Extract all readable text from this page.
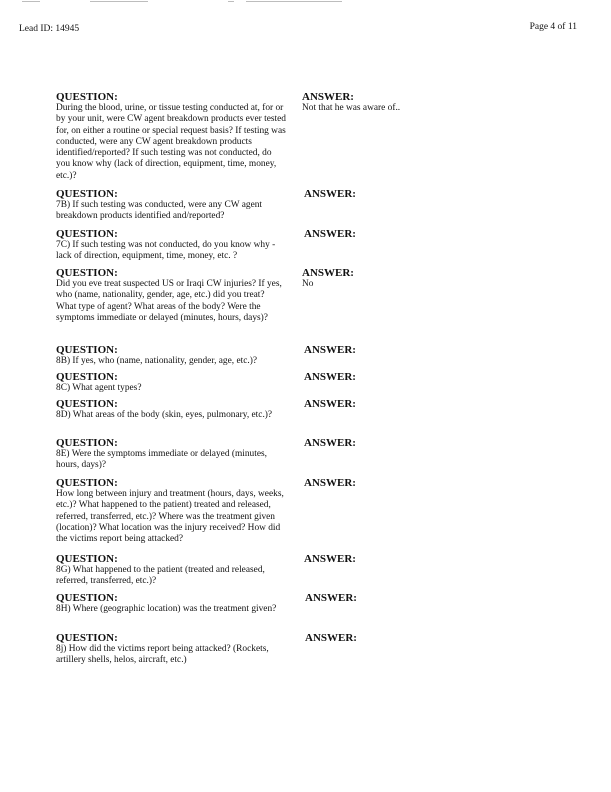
Lead ID: 14945	Page 4 of 11
QUESTION:
During the blood, urine, or tissue testing conducted at, for or by your unit, were CW agent breakdown products ever tested for, on either a routine or special request basis? If testing was conducted, were any CW agent breakdown products identified/reported? If such testing was not conducted, do you know why (lack of direction, equipment, time, money, etc.)?
ANSWER:
Not that he was aware of..
QUESTION:
7B) If such testing was conducted, were any CW agent breakdown products identified and/reported?
ANSWER:
QUESTION:
7C) If such testing was not conducted, do you know why - lack of direction, equipment, time, money, etc. ?
ANSWER:
QUESTION:
Did you eve treat suspected US or Iraqi CW injuries? If yes, who (name, nationality, gender, age, etc.) did you treat? What type of agent? What areas of the body? Were the symptoms immediate or delayed (minutes, hours, days)?
ANSWER:
No
QUESTION:
8B) If yes, who (name, nationality, gender, age, etc.)?
ANSWER:
QUESTION:
8C) What agent types?
ANSWER:
QUESTION:
8D) What areas of the body (skin, eyes, pulmonary, etc.)?
ANSWER:
QUESTION:
8E) Were the symptoms immediate or delayed (minutes, hours, days)?
ANSWER:
QUESTION:
How long between injury and treatment (hours, days, weeks, etc.)? What happened to the patient) treated and released, referred, transferred, etc.)? Where was the treatment given (location)? What location was the injury received? How did the victims report being attacked?
ANSWER:
QUESTION:
8G) What happened to the patient (treated and released, referred, transferred, etc.)?
ANSWER:
QUESTION:
8H) Where (geographic location) was the treatment given?
ANSWER:
QUESTION:
8j) How did the victims report being attacked? (Rockets, artillery shells, helos, aircraft, etc.)
ANSWER:
